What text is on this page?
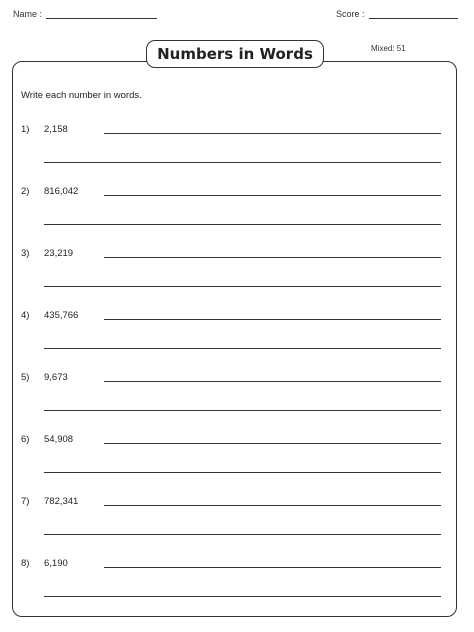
Name :	Score :
Numbers in Words	Mixed: 51
Write each number in words.
1) 2,158
2) 816,042
3) 23,219
4) 435,766
5) 9,673
6) 54,908
7) 782,341
8) 6,190
